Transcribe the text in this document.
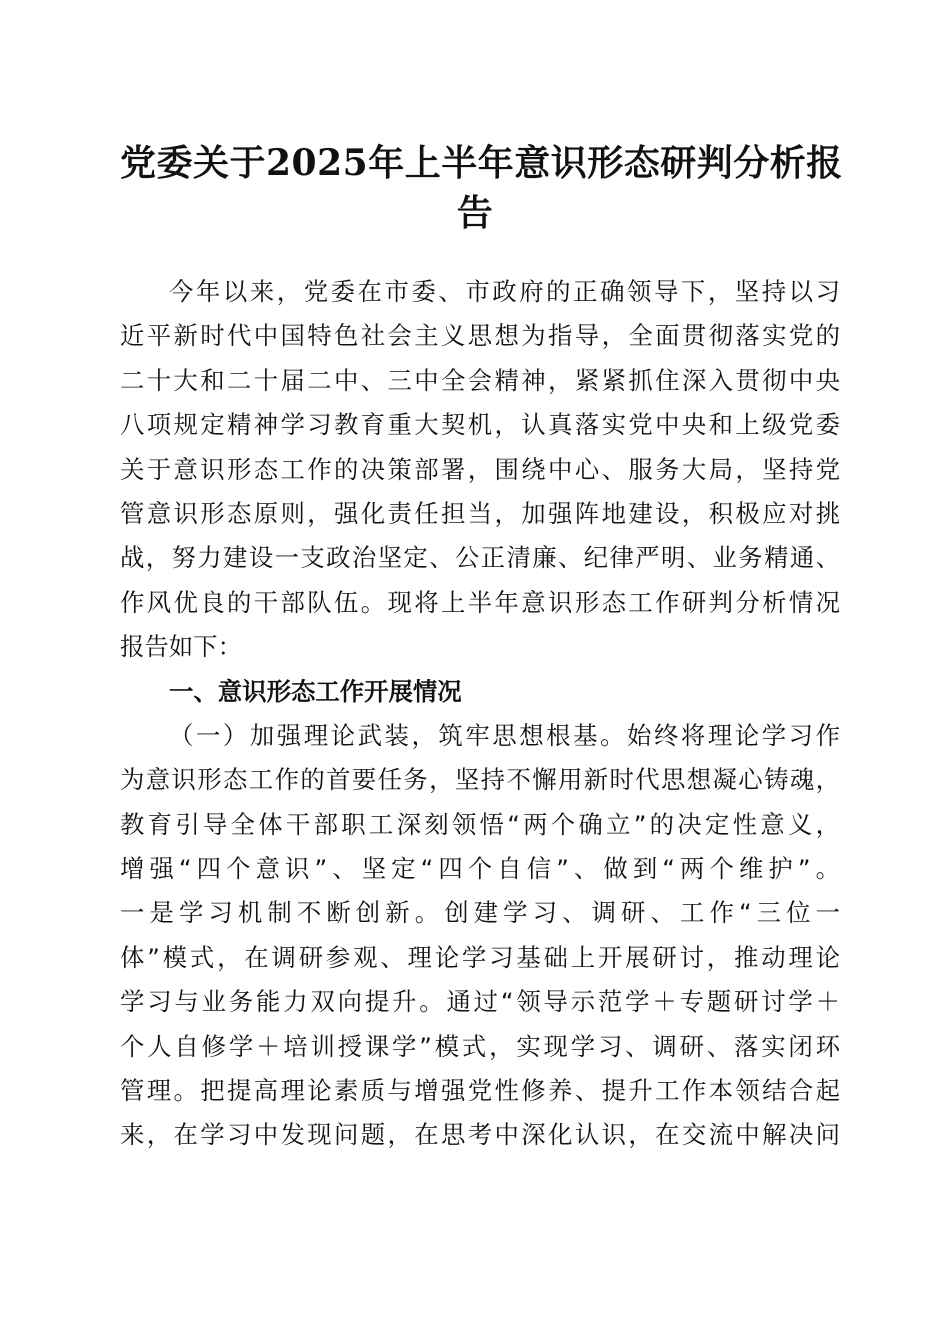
党委关于2025年上半年意识形态研判分析报
告
今年以来，党委在市委、市政府的正确领导下，坚持以习
近平新时代中国特色社会主义思想为指导，全面贯彻落实党的
二十大和二十届二中、三中全会精神，紧紧抓住深入贯彻中央
八项规定精神学习教育重大契机，认真落实党中央和上级党委
关于意识形态工作的决策部署，围绕中心、服务大局，坚持党
管意识形态原则，强化责任担当，加强阵地建设，积极应对挑
战，努力建设一支政治坚定、公正清廉、纪律严明、业务精通、
作风优良的干部队伍。现将上半年意识形态工作研判分析情况
报告如下：
一、意识形态工作开展情况
（一）加强理论武装，筑牢思想根基。始终将理论学习作
为意识形态工作的首要任务，坚持不懈用新时代思想凝心铸魂，
教育引导全体干部职工深刻领悟“两个确立”的决定性意义，
增强“四个意识”、坚定“四个自信”、做到“两个维护”。
一是学习机制不断创新。创建学习、调研、工作“三位一
体”模式，在调研参观、理论学习基础上开展研讨，推动理论
学习与业务能力双向提升。通过“领导示范学＋专题研讨学＋
个人自修学＋培训授课学”模式，实现学习、调研、落实闭环
管理。把提高理论素质与增强党性修养、提升工作本领结合起
来，在学习中发现问题，在思考中深化认识，在交流中解决问
